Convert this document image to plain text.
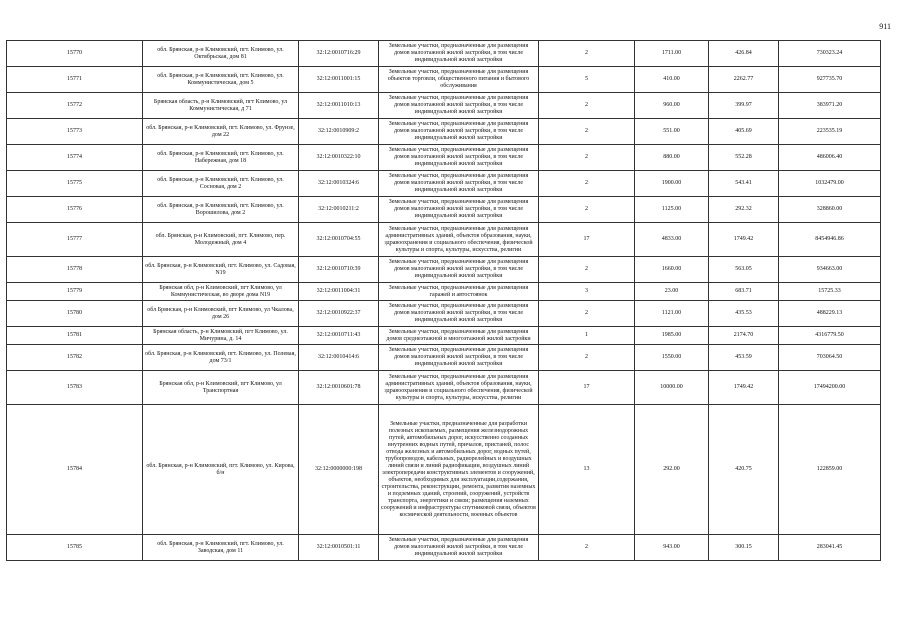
911
15770	обл. Брянская, р-н Климовский, пгт. Климово, ул. Октябрьская, дом 81	32:12:0010716:29	Земельные участки, предназначенные для размещения домов малоэтажной жилой застройки, в том числе индивидуальной жилой застройки	2	1711.00	426.84	730323.24
15771	обл. Брянская, р-н Климовский, пгт. Климово, ул. Коммунистическая, дом 5	32:12:0011001:15	Земельные участки, предназначенные для размещения объектов торговли, общественного питания и бытового обслуживания	5	410.00	2262.77	927735.70
15772	Брянская область, р-н Климовский, пгт Климово, ул Коммунистическая, д 71	32:12:0011010:13	Земельные участки, предназначенные для размещения домов малоэтажной жилой застройки, в том числе индивидуальной жилой застройки	2	960.00	399.97	383971.20
15773	обл. Брянская, р-н Климовский, пгт. Климово, ул. Фрунзе, дом 22	32:12:0010909:2	Земельные участки, предназначенные для размещения домов малоэтажной жилой застройки, в том числе индивидуальной жилой застройки	2	551.00	405.69	223535.19
15774	обл. Брянская, р-н Климовский, пгт. Климово, ул. Набережная, дом 18	32:12:0010322:10	Земельные участки, предназначенные для размещения домов малоэтажной жилой застройки, в том числе индивидуальной жилой застройки	2	880.00	552.28	486006.40
15775	обл. Брянская, р-н Климовский, пгт. Климово, ул. Сосновая, дом 2	32:12:0010324:6	Земельные участки, предназначенные для размещения домов малоэтажной жилой застройки, в том числе индивидуальной жилой застройки	2	1900.00	543.41	1032479.00
15776	обл. Брянская, р-н Климовский, пгт. Климово, ул. Ворошилова, дом 2	32:12:0010211:2	Земельные участки, предназначенные для размещения домов малоэтажной жилой застройки, в том числе индивидуальной жилой застройки	2	1125.00	292.32	328860.00
15777	обл. Брянская, р-н Климовский, пгт. Климово, пер. Молодежный, дом 4	32:12:0010704:55	Земельные участки, предназначенные для размещения административных зданий, объектов образования, науки, здравоохранения и социального обеспечения, физической культуры и спорта, культуры, искусства, религии	17	4833.00	1749.42	8454946.86
15778	обл. Брянская, р-н Климовский, пгт. Климово, ул. Садовая, N19	32:12:0010710:39	Земельные участки, предназначенные для размещения домов малоэтажной жилой застройки, в том числе индивидуальной жилой застройки	2	1660.00	563.05	934663.00
15779	Брянская обл, р-н Климовский, пгт Климово, ул Коммунистическая, во дворе дома N19	32:12:0011004:31	Земельные участки, предназначенные для размещения гаражей и автостоянок	3	23.00	683.71	15725.33
15780	обл Брянская, р-н Климовский, пгт Климово, ул Чкалова, дом 26	32:12:0010922:37	Земельные участки, предназначенные для размещения домов малоэтажной жилой застройки, в том числе индивидуальной жилой застройки	2	1121.00	435.53	488229.13
15781	Брянская область, р-н Климовский, пгт Климово, ул. Мичурина, д. 14	32:12:0010711:43	Земельные участки, предназначенные для размещения домов среднеэтажной и многоэтажной жилой застройки	1	1985.00	2174.70	4316779.50
15782	обл. Брянская, р-н Климовский, пгт. Климово, ул. Полевая, дом 73/1	32:12:0010414:6	Земельные участки, предназначенные для размещения домов малоэтажной жилой застройки, в том числе индивидуальной жилой застройки	2	1550.00	453.59	703064.50
15783	Брянская обл, р-н Климовский, пгт Климово, ул Транспортная	32:12:0010601:78	Земельные участки, предназначенные для размещения административных зданий, объектов образования, науки, здравоохранения и социального обеспечения, физической культуры и спорта, культуры, искусства, религии	17	10000.00	1749.42	17494200.00
15784	обл. Брянская, р-н Климовский, пгт. Климово, ул. Кирова, б/н	32:12:0000000:198	Земельные участки, предназначенные для разработки полезных ископаемых, размещения железнодорожных путей, автомобильных дорог, искусственно созданных внутренних водных путей, причалов, пристаней, полос отвода железных и автомобильных дорог, водных путей, трубопроводов, кабельных, радиорелейных и воздушных линий связи и линий радиофикации, воздушных линий электропередачи конструктивных элементов и сооружений, объектов, необходимых для эксплуатации,содержания, строительства, реконструкции, ремонта, развития наземных и подземных зданий, строений, сооружений, устройств транспорта, энергетики и связи; размещения наземных сооружений и инфраструктуры спутниковой связи, объектов космической деятельности, военных объектов	13	292.00	420.75	122859.00
15785	обл. Брянская, р-н Климовский, пгт. Климово, ул. Заводская, дом 11	32:12:0010501:11	Земельные участки, предназначенные для размещения домов малоэтажной жилой застройки, в том числе индивидуальной жилой застройки	2	943.00	300.15	283041.45
